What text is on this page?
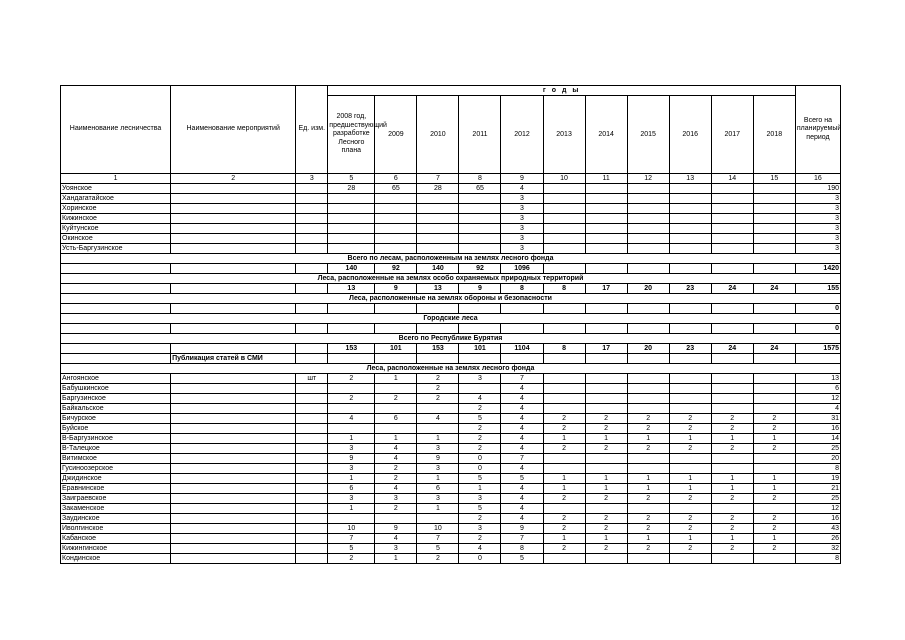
Наименование лесничества	Наименование мероприятий	Ед. изм.	г о д ы											Всего на планируемый период
			2008 год, предшествующий разработке Лесного плана	2009	2010	2011	2012	2013	2014	2015	2016	2017	2018	
1	2	3	5	6	7	8	9	10	11	12	13	14	15	16
Уоянское			28	65	28	65	4							190
Хандагатайское							3							3
Хоринское							3							3
Кижинское							3							3
Куйтунское							3							3
Окинское							3							3
Усть-Баргузинское							3							3
Всего по лесам, расположенным на землях лесного фонда														
			140	92	140	92	1096							1420
Леса, расположенные на землях особо охраняемых природных территорий														
			13	9	13	9	8	8	17	20	23	24	24	155
Леса, расположенные на землях обороны и безопасности														
														0
Городские леса														
														0
Всего по Республике Бурятия														
			153	101	153	101	1104	8	17	20	23	24	24	1575
	Публикация статей в СМИ													
Леса, расположенные на землях лесного фонда														
Ангоянское		шт	2	1	2	3	7							13
Бабушкинское					2		4							6
Баргузинское			2	2	2	4	4							12
Байкальское						2	4							4
Бичурское			4	6	4	5	4	2	2	2	2	2	2	31
Буйское						2	4	2	2	2	2	2	2	16
В-Баргузинское			1	1	1	2	4	1	1	1	1	1	1	14
В-Талецкое			3	4	3	2	4	2	2	2	2	2	2	25
Витимское			9	4	9	0	7							20
Гусиноозерское			3	2	3	0	4							8
Джидинское			1	2	1	5	5	1	1	1	1	1	1	19
Еравнинское			6	4	6	1	4	1	1	1	1	1	1	21
Заиграевское			3	3	3	3	4	2	2	2	2	2	2	25
Закаменское			1	2	1	5	4							12
Заудинское						2	4	2	2	2	2	2	2	16
Иволгинское			10	9	10	3	9	2	2	2	2	2	2	43
Кабанское			7	4	7	2	7	1	1	1	1	1	1	26
Кижингинское			5	3	5	4	8	2	2	2	2	2	2	32
Кондинское			2	1	2	0	5							8
